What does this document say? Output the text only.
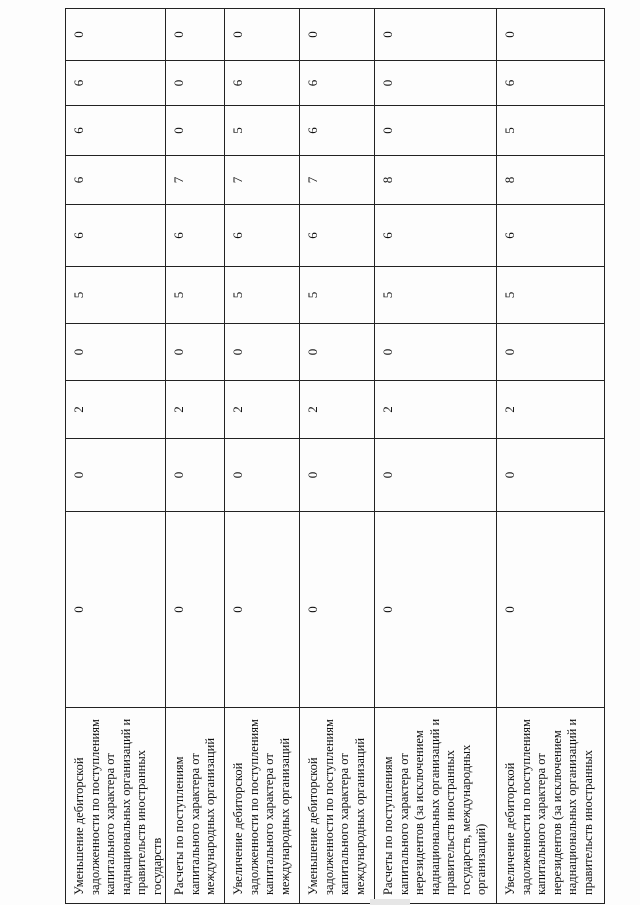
Уменьшение дебиторской задолженности по поступлениям капитального характера от наднациональных организаций и правительств иностранных государств	0	0	2	0	5	6	6	6	6	0
Расчеты по поступлениям капитального характера от международных организаций	0	0	2	0	5	6	7	0	0	0
Увеличение дебиторской задолженности по поступлениям капитального характера от международных организаций	0	0	2	0	5	6	7	5	6	0
Уменьшение дебиторской задолженности по поступлениям капитального характера от международных организаций	0	0	2	0	5	6	7	6	6	0
Расчеты по поступлениям капитального характера от нерезидентов (за исключением наднациональных организаций и правительств иностранных государств, международных организаций)	0	0	2	0	5	6	8	0	0	0
Увеличение дебиторской задолженности по поступлениям капитального характера от нерезидентов (за исключением наднациональных организаций и правительств иностранных	0	0	2	0	5	6	8	5	6	0
